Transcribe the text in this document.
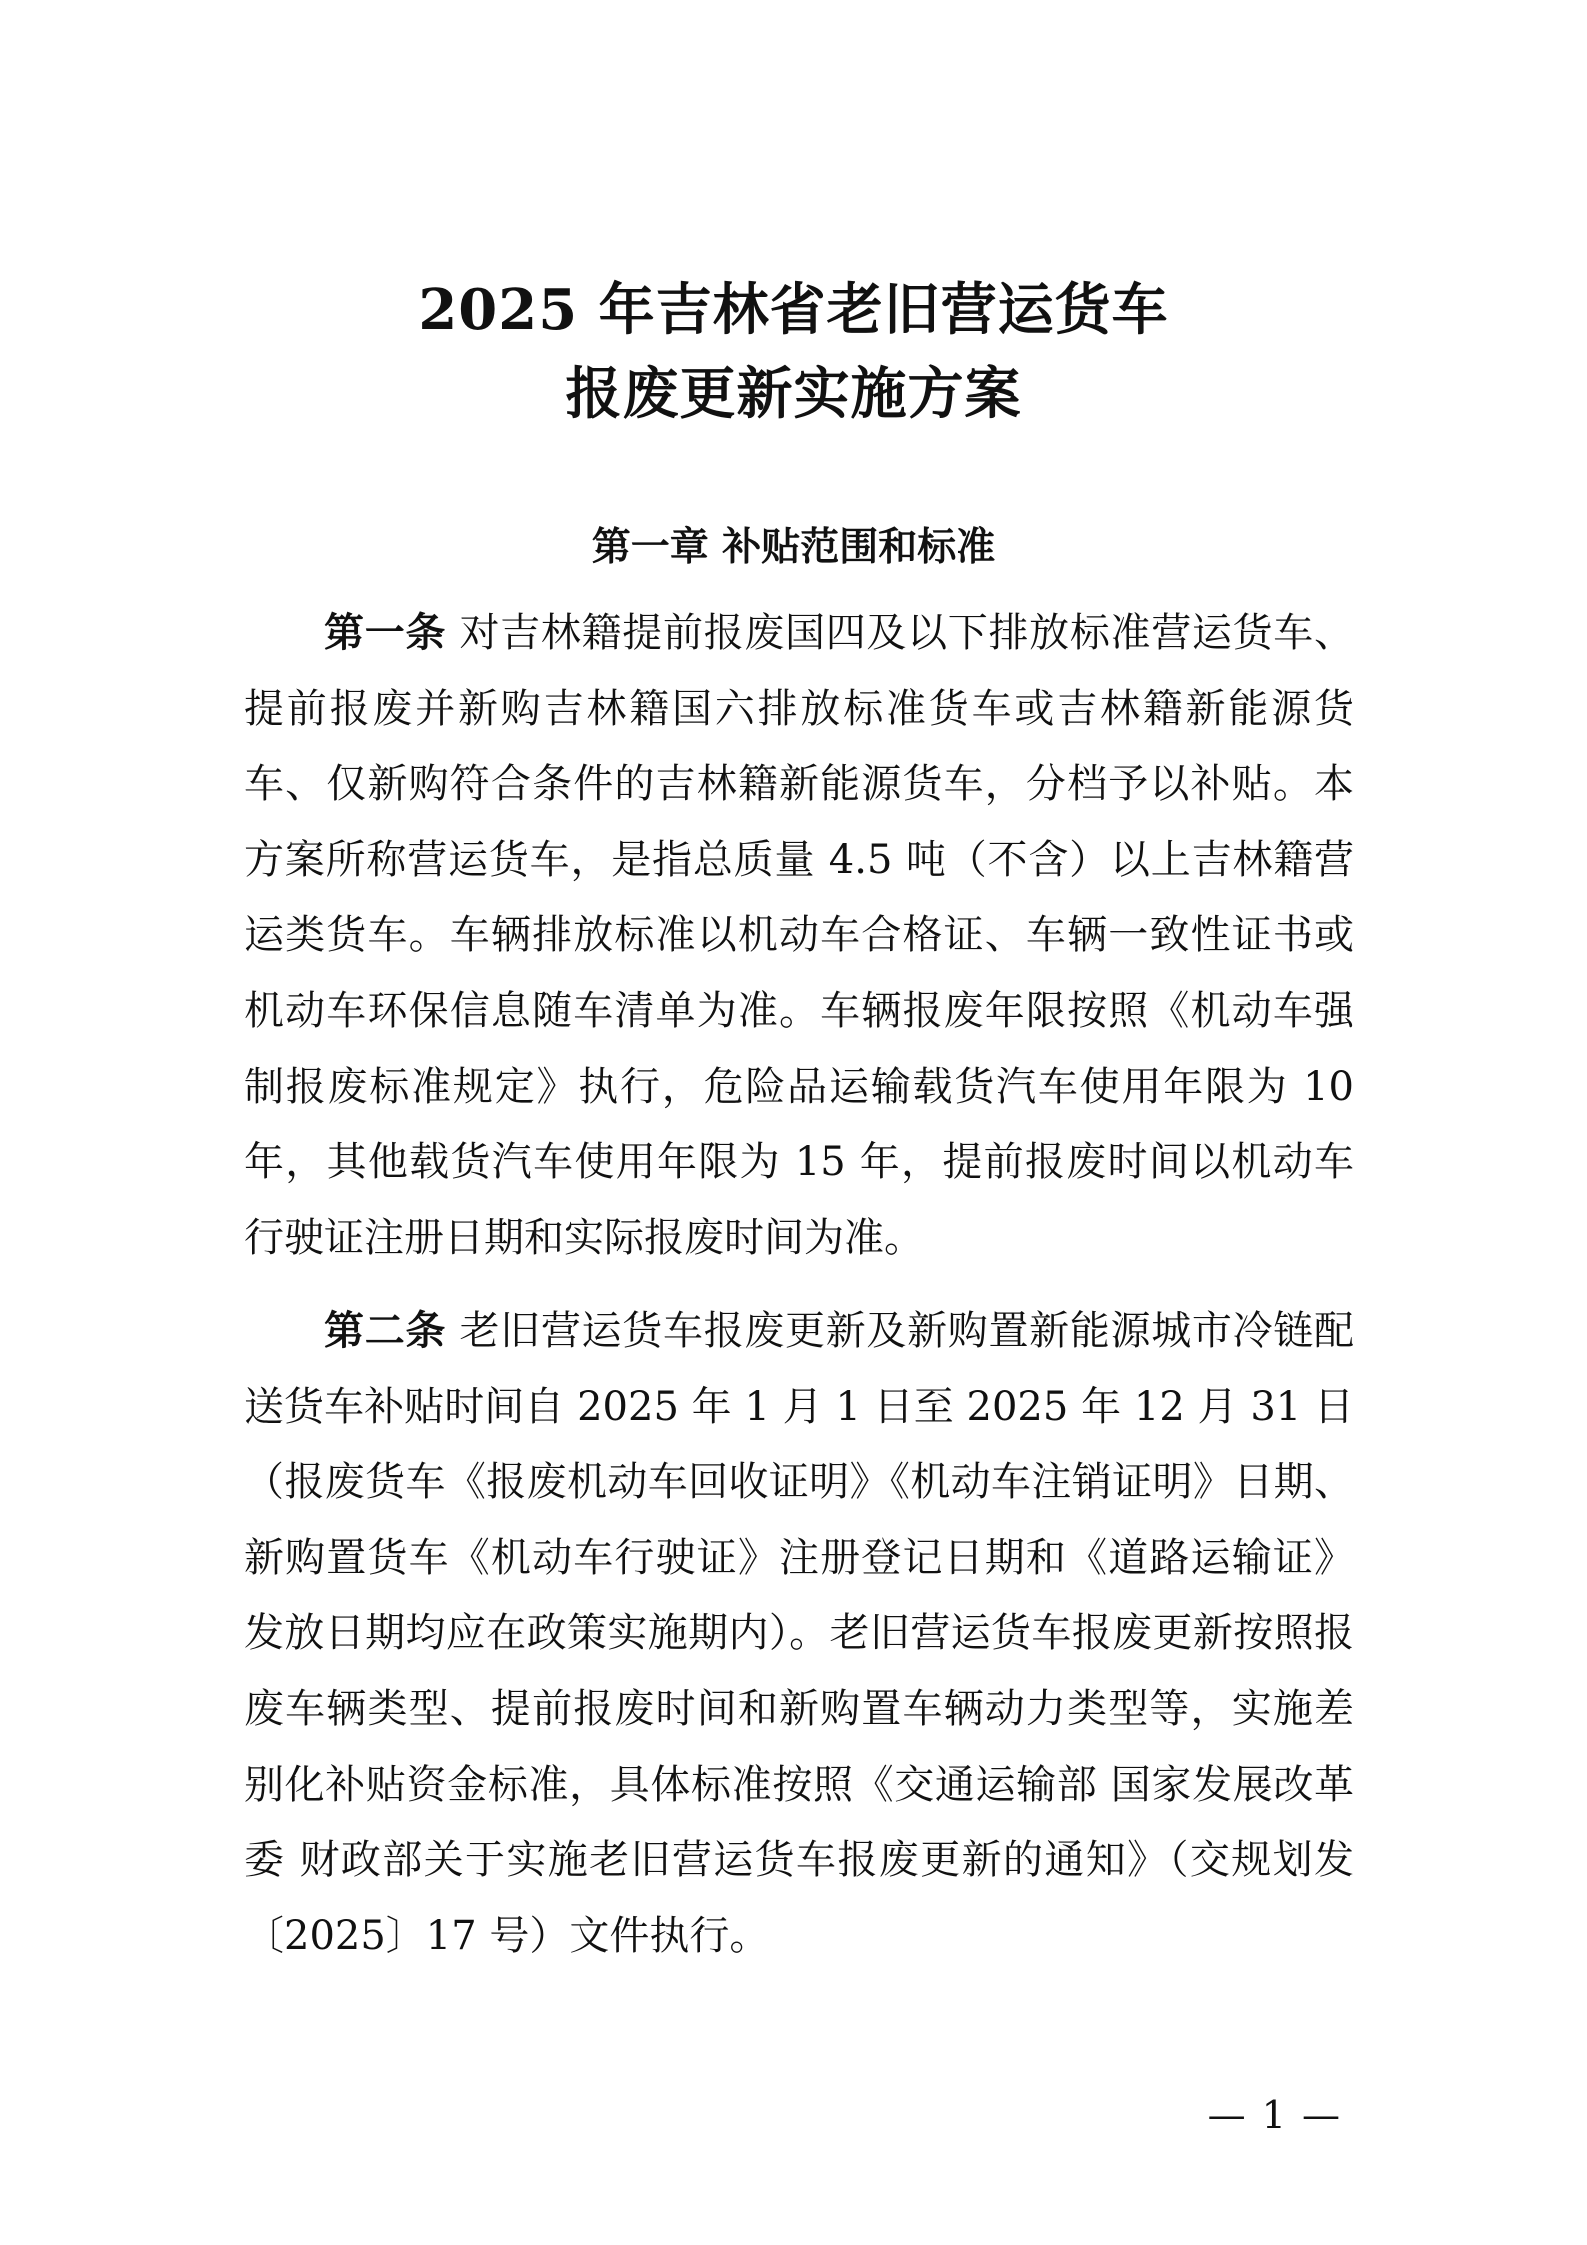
2025 年吉林省老旧营运货车
报废更新实施方案
第一章 补贴范围和标准

第一条 对吉林籍提前报废国四及以下排放标准营运货车、提前报废并新购吉林籍国六排放标准货车或吉林籍新能源货车、仅新购符合条件的吉林籍新能源货车，分档予以补贴。本方案所称营运货车，是指总质量 4.5 吨（不含）以上吉林籍营运类货车。车辆排放标准以机动车合格证、车辆一致性证书或机动车环保信息随车清单为准。车辆报废年限按照《机动车强制报废标准规定》执行，危险品运输载货汽车使用年限为 10 年，其他载货汽车使用年限为 15 年，提前报废时间以机动车行驶证注册日期和实际报废时间为准。

第二条 老旧营运货车报废更新及新购置新能源城市冷链配送货车补贴时间自 2025 年 1 月 1 日至 2025 年 12 月 31 日（报废货车《报废机动车回收证明》《机动车注销证明》日期、新购置货车《机动车行驶证》注册登记日期和《道路运输证》发放日期均应在政策实施期内）。老旧营运货车报废更新按照报废车辆类型、提前报废时间和新购置车辆动力类型等，实施差别化补贴资金标准，具体标准按照《交通运输部 国家发展改革委 财政部关于实施老旧营运货车报废更新的通知》（交规划发〔2025〕17 号）文件执行。

— 1 —
